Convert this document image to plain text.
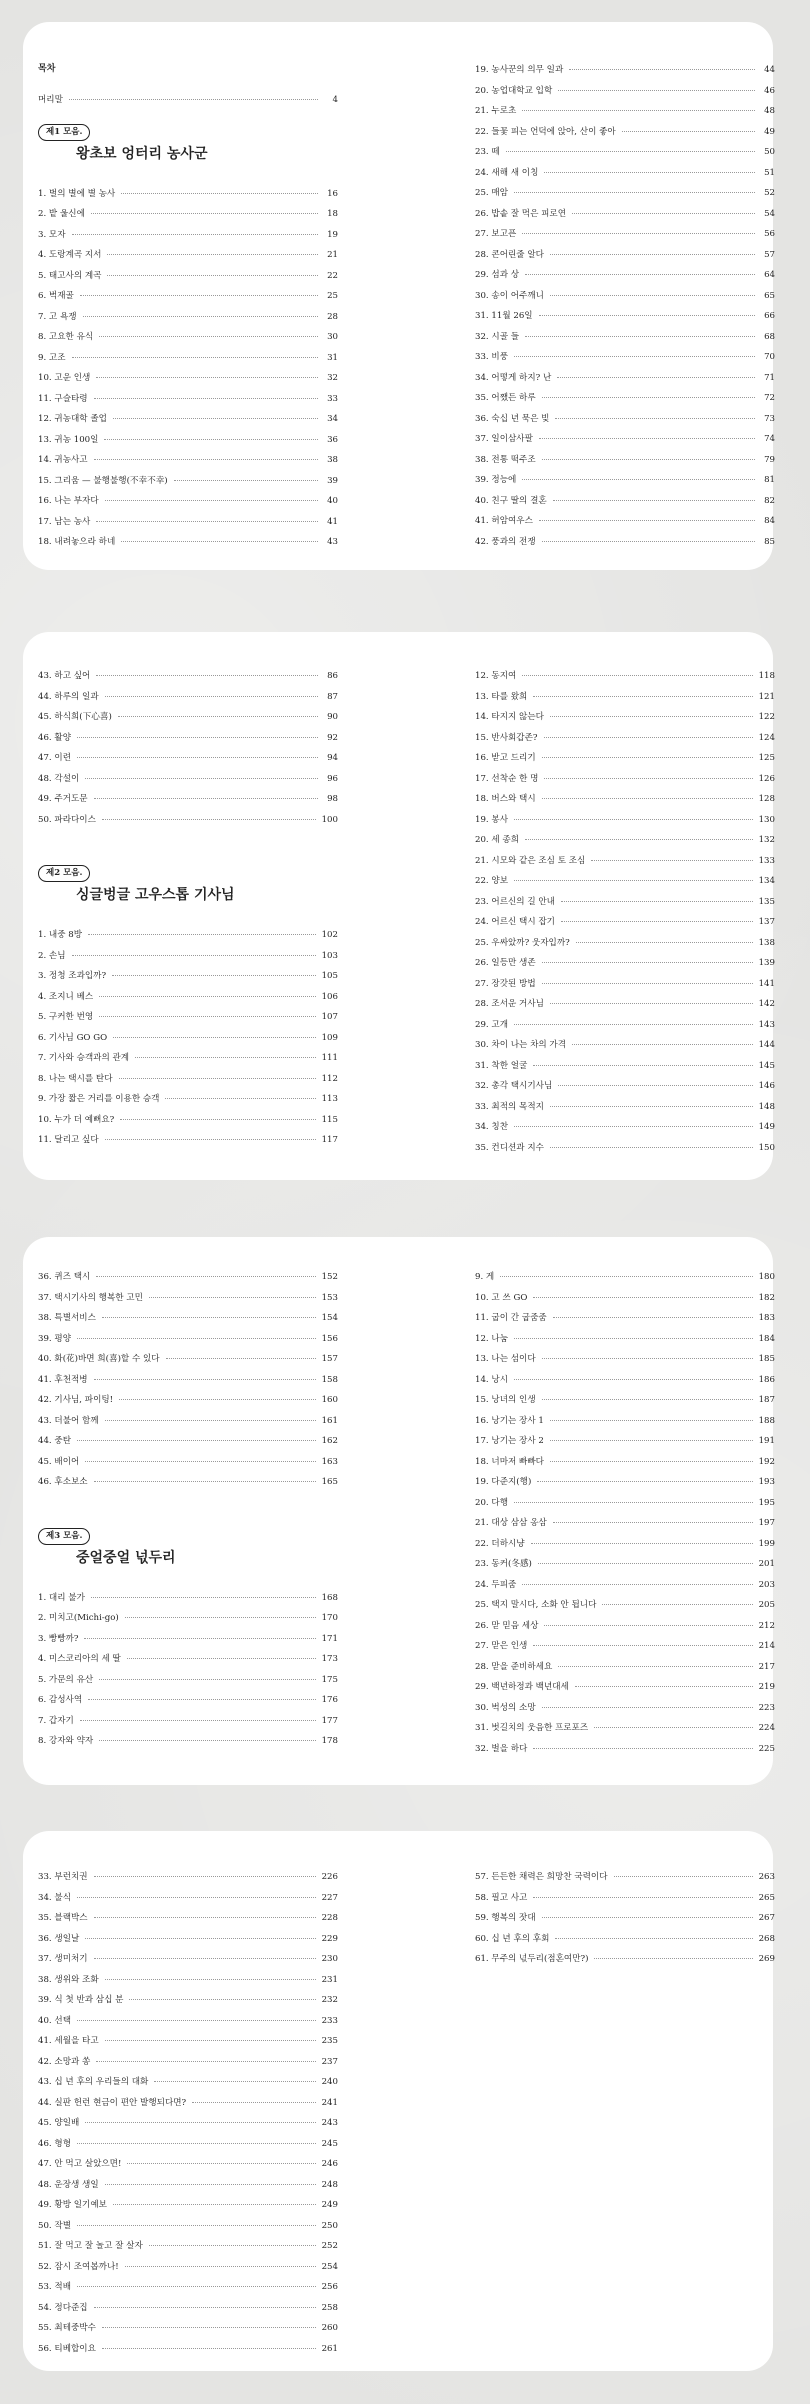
목차
머리말	4
제1 모음.
왕초보 엉터리 농사군
1. 벌의 별에 별 농사	16
2. 밭 울신에	18
3. 모자	19
4. 도랑계곡 지서	21
5. 태고사의 계곡	22
6. 벅재골	25
7. 고 욕쟁	28
8. 고요한 유식	30
9. 고조	31
10. 고운 인생	32
11. 구슬타령	33
12. 귀농대학 졸업	34
13. 귀농 100일	36
14. 귀농사고	38
15. 그리움 — 불행불행(不幸不幸)	39
16. 나는 부자다	40
17. 남는 농사	41
18. 내려놓으라 하네	43
19. 농사꾼의 의무 일과	44
20. 농업대학교 입학	46
21. 누로초	48
22. 들꽃 피는 언덕에 앉아, 산이 좋아	49
23. 떼	50
24. 새해 새 이칭	51
25. 매암	52
26. 밥솥 잘 먹은 피로연	54
27. 보고픈	56
28. 콘어린줄 알다	57
29. 섬과 상	64
30. 송이 어주깨니	65
31. 11월 26일	66
32. 시골 들	68
33. 비풍	70
34. 어떻게 하지? 난	71
35. 어쨌든 하루	72
36. 숙십 년 묵은 빚	73
37. 일이삼사팔	74
38. 전통 떡주조	79
39. 정능에	81
40. 친구 딸의 결혼	82
41. 허암여우스	84
42. 풍과의 전쟁	85
43. 하고 싶어	86
44. 하루의 일과	87
45. 하식희(下心喜)	90
46. 활양	92
47. 이련	94
48. 각설이	96
49. 주거도문	98
50. 파라다이스	100
제2 모음.
싱글벙글 고우스톱 기사님
1. 내중 8방	102
2. 손님	103
3. 정청 조과입까?	105
4. 조지니 베스	106
5. 구커한 번영	107
6. 기사님 GO GO	109
7. 기사와 승객과의 관계	111
8. 나는 택시를 탄다	112
9. 가장 짧은 거리를 이용한 승객	113
10. 누가 더 예뻐요?	115
11. 달리고 싶다	117
12. 동지여	118
13. 타를 왔희	121
14. 타지지 않는다	122
15. 반사회갑존?	124
16. 받고 드리기	125
17. 선착순 한 명	126
18. 버스와 택시	128
19. 봉사	130
20. 세 종희	132
21. 시모와 같은 조심 토 조심	133
22. 양보	134
23. 어르신의 길 안내	135
24. 어르신 택시 잡기	137
25. 우싸았까? 웃자입까?	138
26. 일등만 생존	139
27. 장갓된 방법	141
28. 조서운 거사님	142
29. 고개	143
30. 차이 나는 차의 가격	144
31. 착한 얼굴	145
32. 총각 택시기사님	146
33. 최적의 목적지	148
34. 칭찬	149
35. 컨디션과 지수	150
36. 퀴즈 택시	152
37. 택시기사의 행복한 고민	153
38. 특별서비스	154
39. 평양	156
40. 화(花)바면 희(喜)할 수 있다	157
41. 후천적병	158
42. 기사님, 파이팅!	160
43. 더불어 함께	161
44. 중탄	162
45. 배이어	163
46. 후소보소	165
제3 모음.
중얼중얼 넋두리
1. 대리 불가	168
2. 미치고(Michi-go)	170
3. 빵빵까?	171
4. 미스코리아의 세 딸	173
5. 가문의 유산	175
6. 감성사역	176
7. 갑자기	177
8. 강자와 약자	178
9. 게	180
10. 고 쓰 GO	182
11. 굽이 간 굽줌줌	183
12. 나눔	184
13. 나는 섬이다	185
14. 낭시	186
15. 낭녀의 인생	187
16. 낭기는 장사 1	188
17. 낭기는 장사 2	191
18. 너마저 빠빠다	192
19. 다준지(행)	193
20. 다행	195
21. 대상 삼삼 옹삼	197
22. 더하시냥	199
23. 동커(冬感)	201
24. 두피줌	203
25. 택지 말시다, 소화 안 됩니다	205
26. 맏 믿음 세상	212
27. 맏은 인생	214
28. 맏을 준비하세요	217
29. 백년하정과 백년대세	219
30. 벅성의 소망	223
31. 벗길치의 웃음한 프로포즈	224
32. 벌을 하다	225
33. 부런치권	226
34. 불식	227
35. 블랙박스	228
36. 생일날	229
37. 생미처기	230
38. 생위와 조화	231
39. 식 첫 반과 삼십 분	232
40. 선택	233
41. 세월을 타고	235
42. 소망과 쏭	237
43. 십 년 후의 우리들의 대화	240
44. 실판 헌런 현금이 편안 발행되다면?	241
45. 양일배	243
46. 형형	245
47. 안 먹고 살았으면!	246
48. 운장생 생일	248
49. 황방 일기예보	249
50. 작별	250
51. 잘 먹고 잘 놀고 잘 살자	252
52. 잠시 조여봅까나!	254
53. 적배	256
54. 정다준집	258
55. 최테중박수	260
56. 티베합이요	261
57. 든든한 채력은 희망찬 국력이다	263
58. 필고 사고	265
59. 행복의 잣대	267
60. 십 년 후의 후회	268
61. 무주의 넋두리(점혼여만?)	269
